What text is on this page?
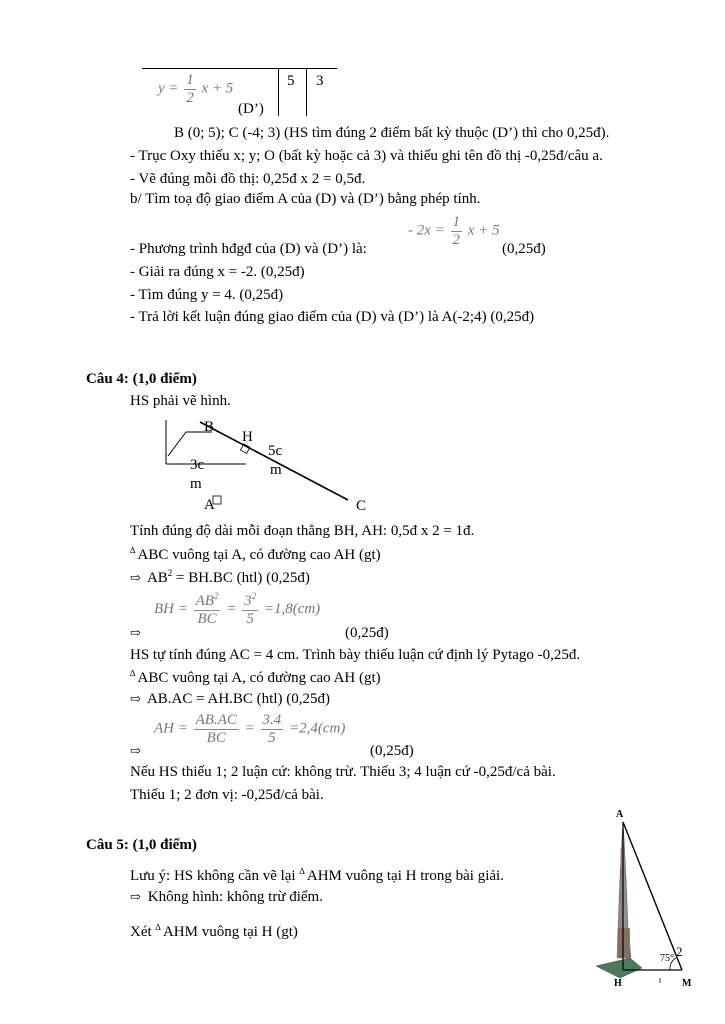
$y = \frac{1}{2}$ x + 5
(D’)
5 3
B (0; 5); C (-4; 3) (HS tìm đúng 2 điểm bất kỳ thuộc (D’) thì cho 0,25đ).
- Trục Oxy thiếu x; y; O (bất kỳ hoặc cả 3) và thiếu ghi tên đồ thị -0,25đ/câu a.
- Vẽ đúng mỗi đồ thị: 0,25đ x 2 = 0,5đ.
b/ Tìm toạ độ giao điểm A của (D) và (D’) bằng phép tính.
- $2x = \frac{1}{2}$ x + 5
- Phương trình hđgđ của (D) và (D’) là:	(0,25đ)
- Giải ra đúng x = -2. (0,25đ)
- Tìm đúng y = 4. (0,25đ)
- Trả lời kết luận đúng giao điểm của (D) và (D’) là A(-2;4) (0,25đ)
Câu 4: (1,0 điểm)
HS phải vẽ hình.
B
H
5c
m
3c
m
A	C
Tính đúng độ dài mỗi đoạn thẳng BH, AH: 0,5đ x 2 = 1đ.
∆ ABC vuông tại A, có đường cao AH (gt)
⇨ $AB^2 = BH.BC$ (htl) (0,25đ)
BH = $\frac{AB^2}{BC} = \frac{3^2}{5} =1,8(cm)$
⇨	(0,25đ)
HS tự tính đúng AC = 4 cm. Trình bày thiếu luận cứ định lý Pytago -0,25đ.
∆ ABC vuông tại A, có đường cao AH (gt)
⇨ AB.AC = AH.BC (htl) (0,25đ)
AH = $\frac{AB.AC}{BC} = \frac{3.4}{5} =2,4(cm)$
⇨	(0,25đ)
Nếu HS thiếu 1; 2 luận cứ: không trừ. Thiếu 3; 4 luận cứ -0,25đ/cả bài.
Thiếu 1; 2 đơn vị: -0,25đ/cả bài.
Câu 5: (1,0 điểm)
Lưu ý: HS không cần vẽ lại ∆ AHM vuông tại H trong bài giải.
⇨ Không hình: không trừ điểm.
Xét ∆ AHM vuông tại H (gt)
A
H	M
75° 2
